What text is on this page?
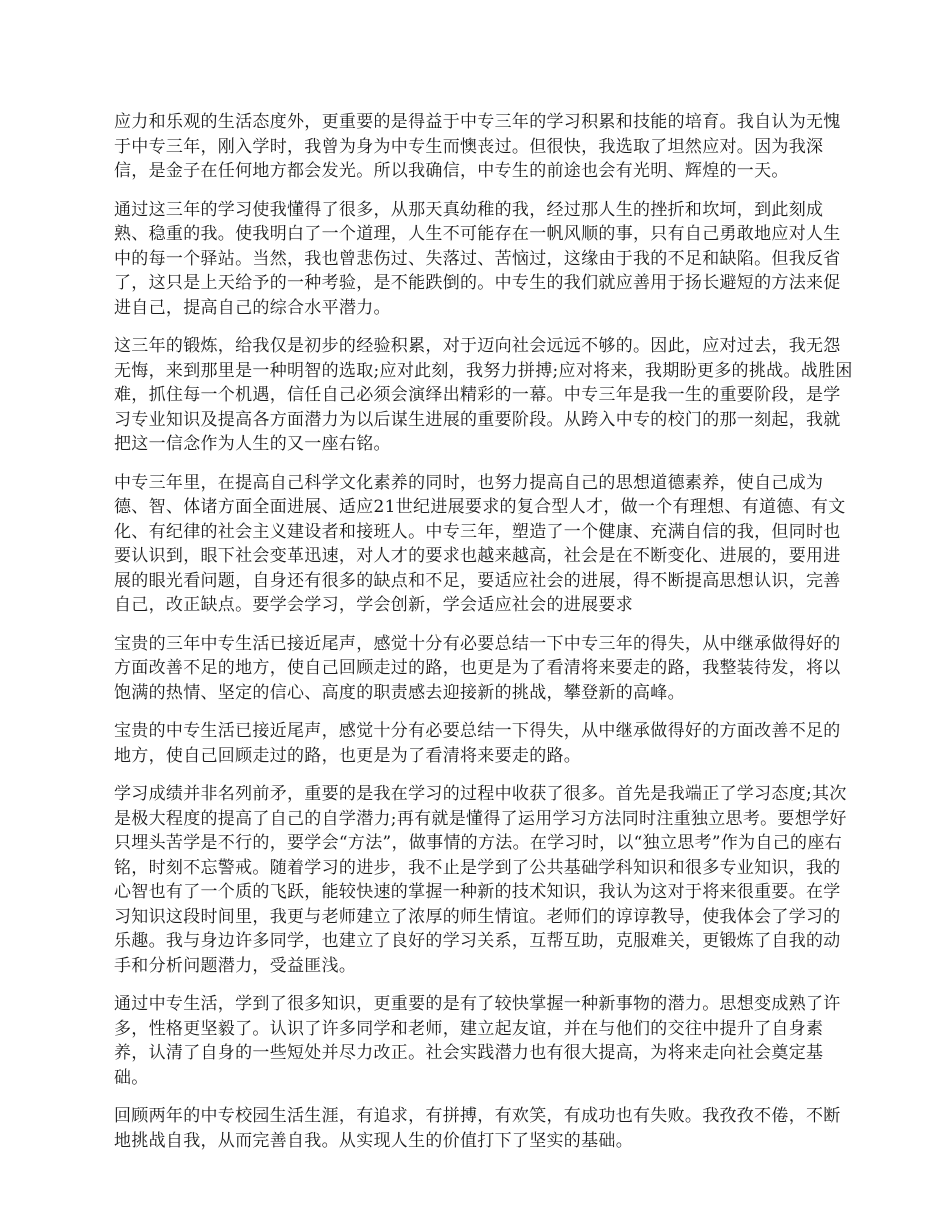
应力和乐观的生活态度外，更重要的是得益于中专三年的学习积累和技能的培育。我自认为无愧于中专三年，刚入学时，我曾为身为中专生而懊丧过。但很快，我选取了坦然应对。因为我深信，是金子在任何地方都会发光。所以我确信，中专生的前途也会有光明、辉煌的一天。

通过这三年的学习使我懂得了很多，从那天真幼稚的我，经过那人生的挫折和坎坷，到此刻成熟、稳重的我。使我明白了一个道理，人生不可能存在一帆风顺的事，只有自己勇敢地应对人生中的每一个驿站。当然，我也曾悲伤过、失落过、苦恼过，这缘由于我的不足和缺陷。但我反省了，这只是上天给予的一种考验，是不能跌倒的。中专生的我们就应善用于扬长避短的方法来促进自己，提高自己的综合水平潜力。

这三年的锻炼，给我仅是初步的经验积累，对于迈向社会远远不够的。因此，应对过去，我无怨无悔，来到那里是一种明智的选取;应对此刻，我努力拼搏;应对将来，我期盼更多的挑战。战胜困难，抓住每一个机遇，信任自己必须会演绎出精彩的一幕。中专三年是我一生的重要阶段，是学习专业知识及提高各方面潜力为以后谋生进展的重要阶段。从跨入中专的校门的那一刻起，我就把这一信念作为人生的又一座右铭。

中专三年里，在提高自己科学文化素养的同时，也努力提高自己的思想道德素养，使自己成为德、智、体诸方面全面进展、适应21世纪进展要求的复合型人才，做一个有理想、有道德、有文化、有纪律的社会主义建设者和接班人。中专三年，塑造了一个健康、充满自信的我，但同时也要认识到，眼下社会变革迅速，对人才的要求也越来越高，社会是在不断变化、进展的，要用进展的眼光看问题，自身还有很多的缺点和不足，要适应社会的进展，得不断提高思想认识，完善自己，改正缺点。要学会学习，学会创新，学会适应社会的进展要求

宝贵的三年中专生活已接近尾声，感觉十分有必要总结一下中专三年的得失，从中继承做得好的方面改善不足的地方，使自己回顾走过的路，也更是为了看清将来要走的路，我整装待发，将以饱满的热情、坚定的信心、高度的职责感去迎接新的挑战，攀登新的高峰。

宝贵的中专生活已接近尾声，感觉十分有必要总结一下得失，从中继承做得好的方面改善不足的地方，使自己回顾走过的路，也更是为了看清将来要走的路。

学习成绩并非名列前矛，重要的是我在学习的过程中收获了很多。首先是我端正了学习态度;其次是极大程度的提高了自己的自学潜力;再有就是懂得了运用学习方法同时注重独立思考。要想学好只埋头苦学是不行的，要学会“方法”，做事情的方法。在学习时，以“独立思考”作为自己的座右铭，时刻不忘警戒。随着学习的进步，我不止是学到了公共基础学科知识和很多专业知识，我的心智也有了一个质的飞跃，能较快速的掌握一种新的技术知识，我认为这对于将来很重要。在学习知识这段时间里，我更与老师建立了浓厚的师生情谊。老师们的谆谆教导，使我体会了学习的乐趣。我与身边许多同学，也建立了良好的学习关系，互帮互助，克服难关，更锻炼了自我的动手和分析问题潜力，受益匪浅。

通过中专生活，学到了很多知识，更重要的是有了较快掌握一种新事物的潜力。思想变成熟了许多，性格更坚毅了。认识了许多同学和老师，建立起友谊，并在与他们的交往中提升了自身素养，认清了自身的一些短处并尽力改正。社会实践潜力也有很大提高，为将来走向社会奠定基础。

回顾两年的中专校园生活生涯，有追求，有拼搏，有欢笑，有成功也有失败。我孜孜不倦，不断地挑战自我，从而完善自我。从实现人生的价值打下了坚实的基础。
